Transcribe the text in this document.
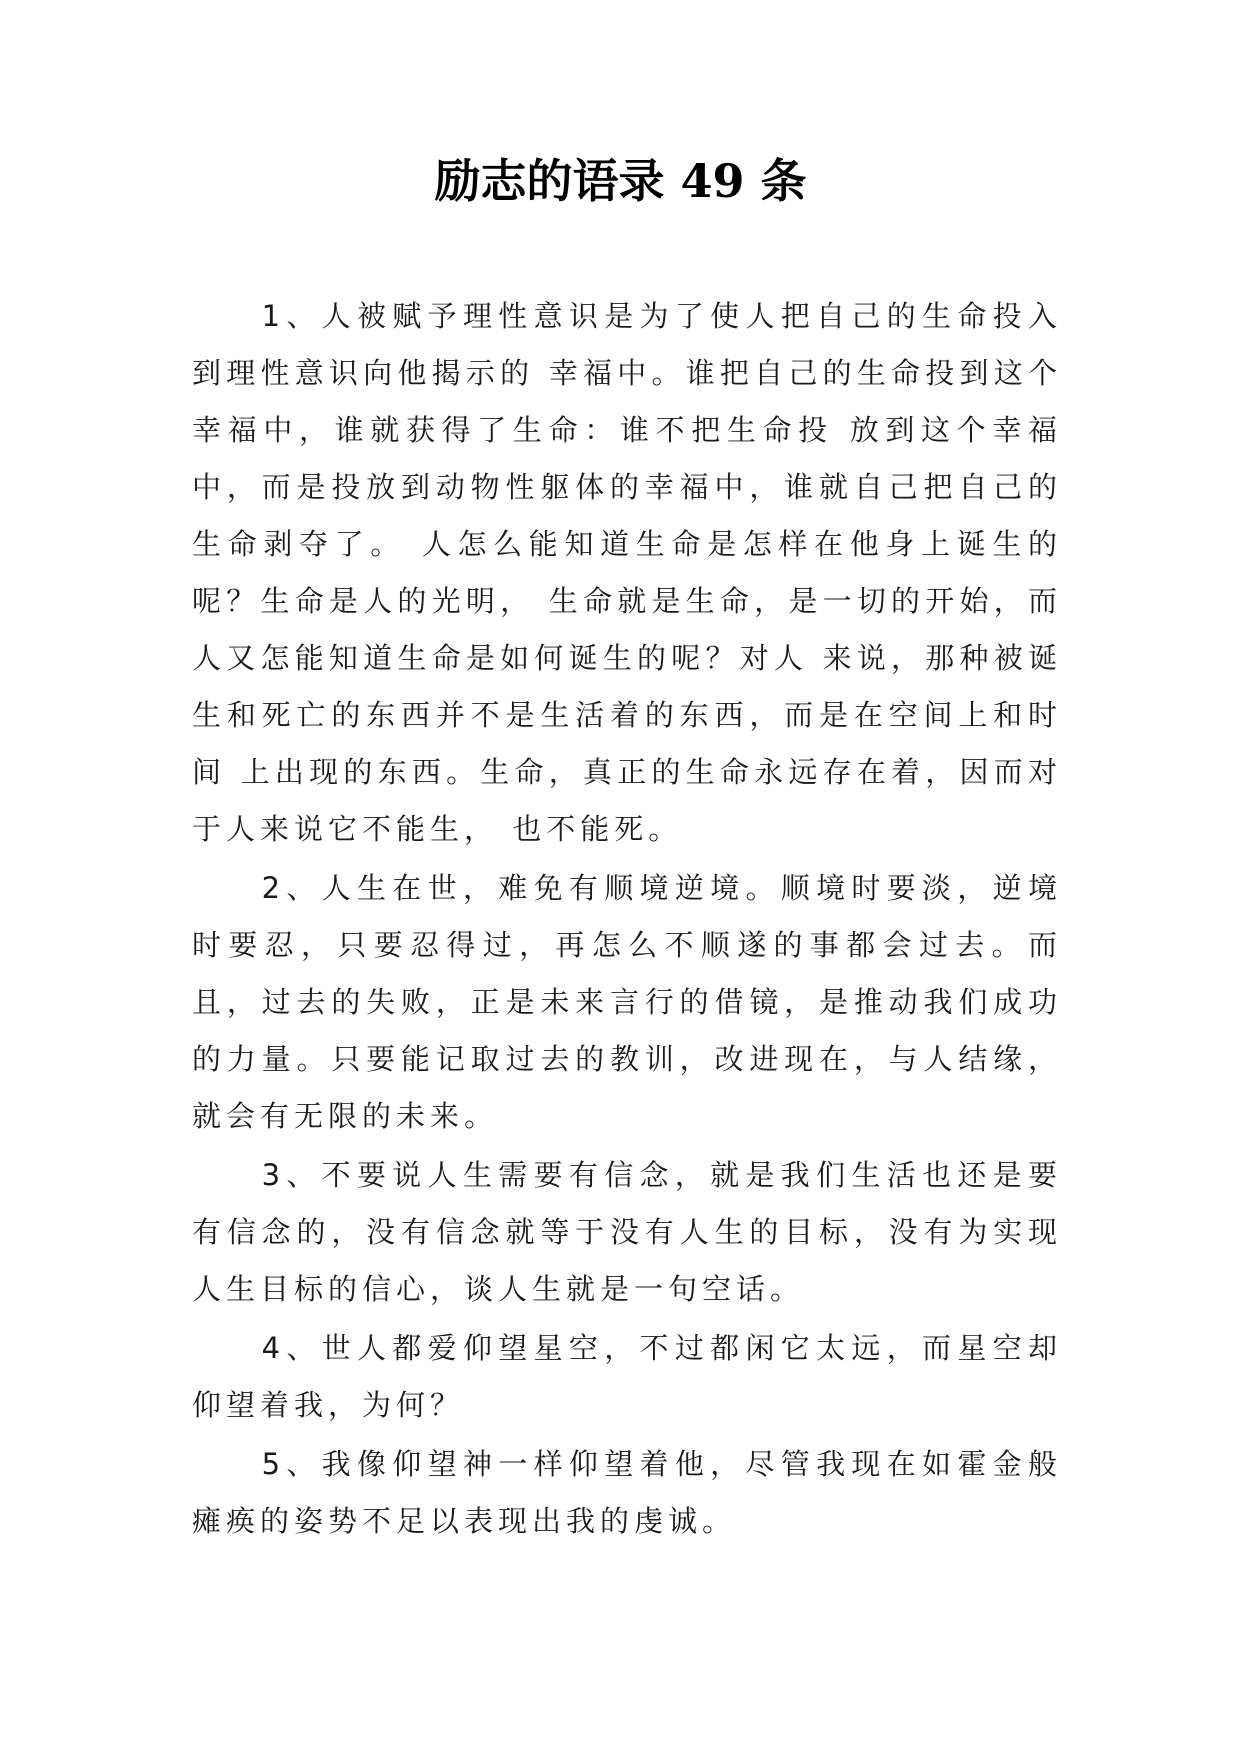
励志的语录 49 条

1、人被赋予理性意识是为了使人把自己的生命投入到理性意识向他揭示的 幸福中。谁把自己的生命投到这个幸福中，谁就获得了生命：谁不把生命投 放到这个幸福中，而是投放到动物性躯体的幸福中，谁就自己把自己的生命剥夺了。 人怎么能知道生命是怎样在他身上诞生的呢？生命是人的光明， 生命就是生命，是一切的开始，而人又怎能知道生命是如何诞生的呢？对人 来说，那种被诞生和死亡的东西并不是生活着的东西，而是在空间上和时间 上出现的东西。生命，真正的生命永远存在着，因而对于人来说它不能生， 也不能死。

2、人生在世，难免有顺境逆境。顺境时要淡，逆境时要忍，只要忍得过，再怎么不顺遂的事都会过去。而且，过去的失败，正是未来言行的借镜，是推动我们成功的力量。只要能记取过去的教训，改进现在，与人结缘，就会有无限的未来。

3、不要说人生需要有信念，就是我们生活也还是要有信念的，没有信念就等于没有人生的目标，没有为实现人生目标的信心，谈人生就是一句空话。

4、世人都爱仰望星空，不过都闲它太远，而星空却仰望着我，为何？

5、我像仰望神一样仰望着他，尽管我现在如霍金般瘫痪的姿势不足以表现出我的虔诚。
